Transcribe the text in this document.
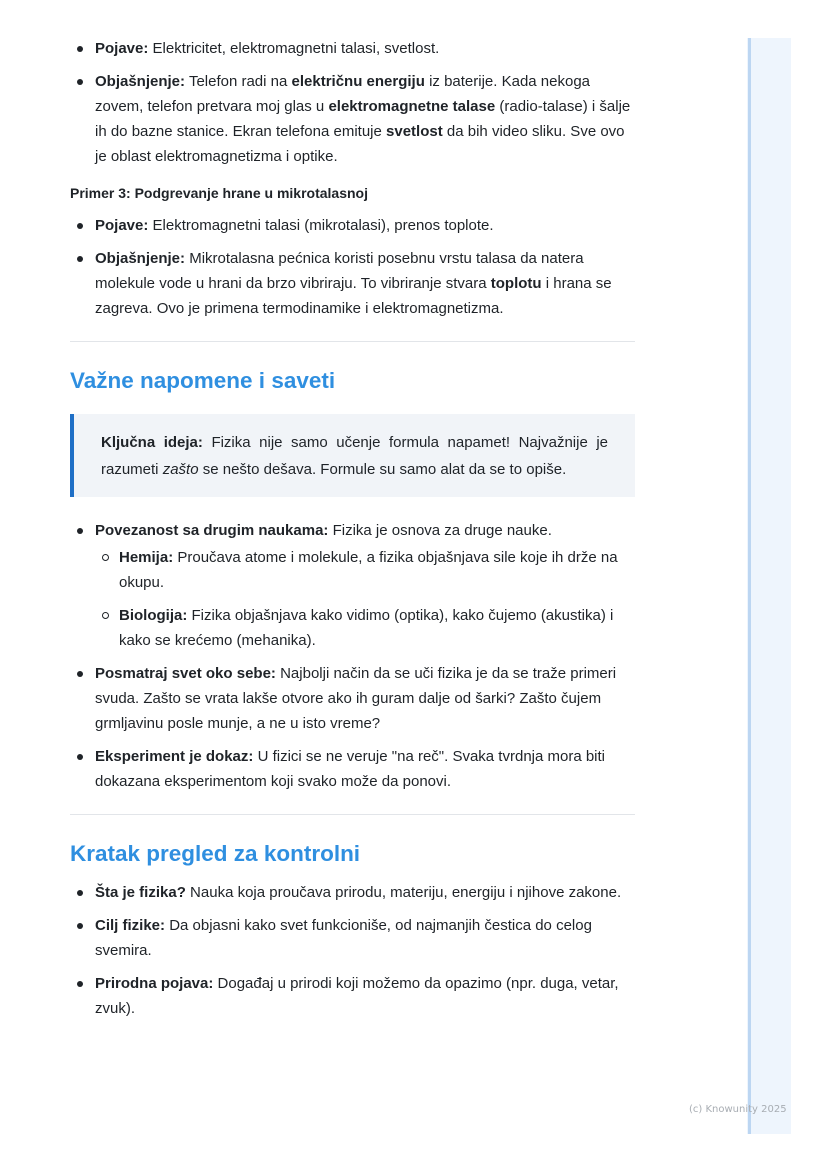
Pojave: Elektricitet, elektromagnetni talasi, svetlost.
Objašnjenje: Telefon radi na električnu energiju iz baterije. Kada nekoga zovem, telefon pretvara moj glas u elektromagnetne talase (radio-talase) i šalje ih do bazne stanice. Ekran telefona emituje svetlost da bih video sliku. Sve ovo je oblast elektromagnetizma i optike.
Primer 3: Podgrevanje hrane u mikrotalasnoj
Pojave: Elektromagnetni talasi (mikrotalasi), prenos toplote.
Objašnjenje: Mikrotalasna pećnica koristi posebnu vrstu talasa da natera molekule vode u hrani da brzo vibriraju. To vibriranje stvara toplotu i hrana se zagreva. Ovo je primena termodinamike i elektromagnetizma.
Važne napomene i saveti

Ključna ideja: Fizika nije samo učenje formula napamet! Najvažnije je razumeti zašto se nešto dešava. Formule su samo alat da se to opiše.

Povezanost sa drugim naukama: Fizika je osnova za druge nauke.
Hemija: Proučava atome i molekule, a fizika objašnjava sile koje ih drže na okupu.
Biologija: Fizika objašnjava kako vidimo (optika), kako čujemo (akustika) i kako se krećemo (mehanika).
Posmatraj svet oko sebe: Najbolji način da se uči fizika je da se traže primeri svuda. Zašto se vrata lakše otvore ako ih guram dalje od šarki? Zašto čujem grmljavinu posle munje, a ne u isto vreme?
Eksperiment je dokaz: U fizici se ne veruje "na reč". Svaka tvrdnja mora biti dokazana eksperimentom koji svako može da ponovi.
Kratak pregled za kontrolni
Šta je fizika? Nauka koja proučava prirodu, materiju, energiju i njihove zakone.
Cilj fizike: Da objasni kako svet funkcioniše, od najmanjih čestica do celog svemira.
Prirodna pojava: Događaj u prirodi koji možemo da opazimo (npr. duga, vetar, zvuk).
(c) Knowunity 2025
